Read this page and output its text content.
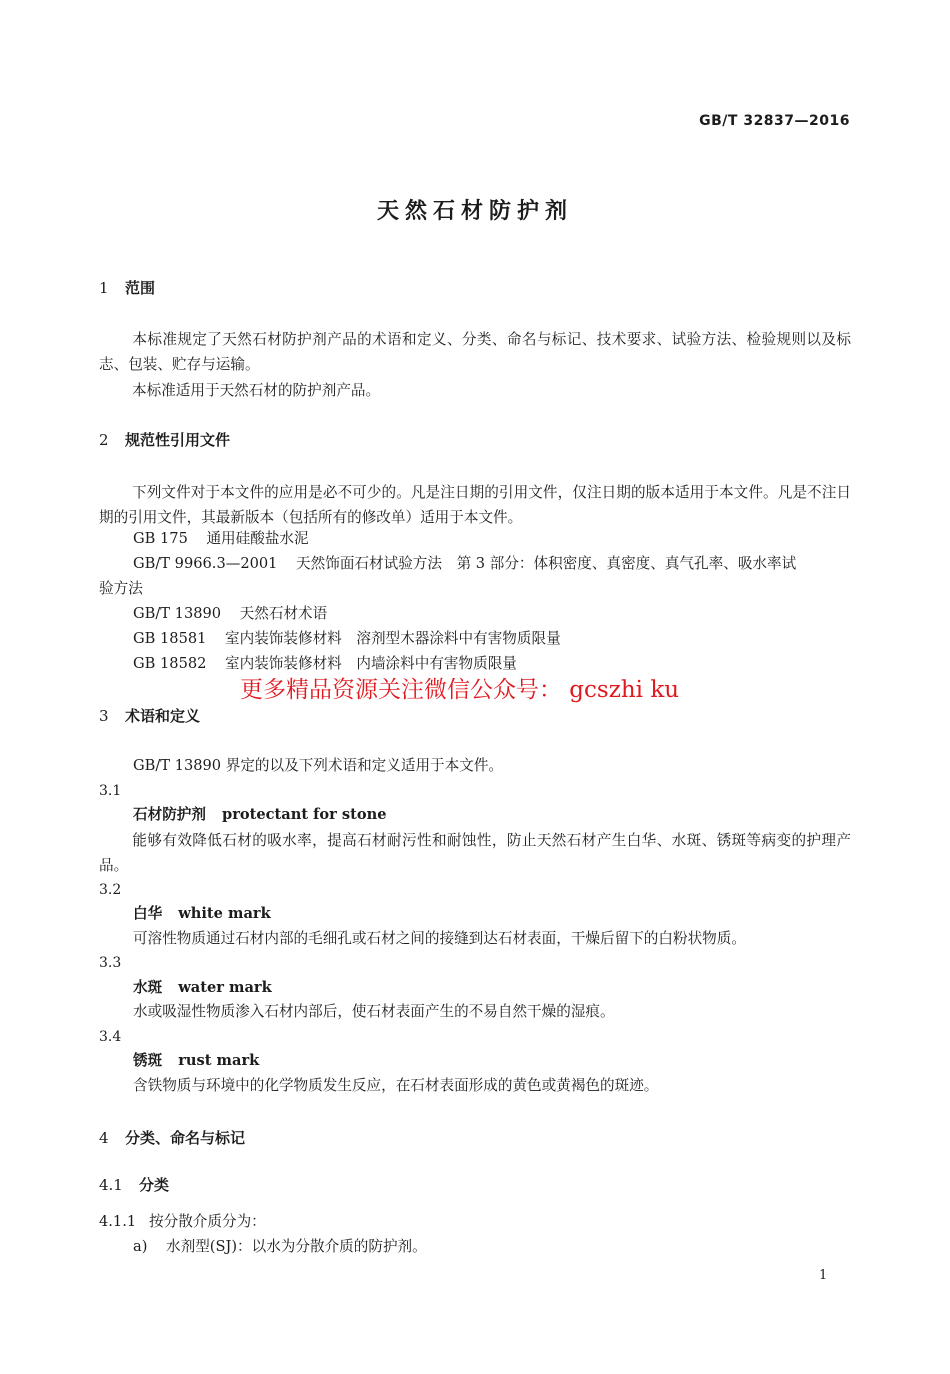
GB/T 32837—2016
天然石材防护剂
1 范围
本标准规定了天然石材防护剂产品的术语和定义、分类、命名与标记、技术要求、试验方法、检验规则以及标志、包装、贮存与运输。
本标准适用于天然石材的防护剂产品。
2 规范性引用文件
下列文件对于本文件的应用是必不可少的。凡是注日期的引用文件，仅注日期的版本适用于本文件。凡是不注日期的引用文件，其最新版本（包括所有的修改单）适用于本文件。
GB 175 通用硅酸盐水泥
GB/T 9966.3—2001 天然饰面石材试验方法　第 3 部分：体积密度、真密度、真气孔率、吸水率试
验方法
GB/T 13890 天然石材术语
GB 18581 室内装饰装修材料　溶剂型木器涂料中有害物质限量
GB 18582 室内装饰装修材料　内墙涂料中有害物质限量
更多精品资源关注微信公众号： gcszhi ku
3 术语和定义
GB/T 13890 界定的以及下列术语和定义适用于本文件。
3.1
石材防护剂 protectant for stone
能够有效降低石材的吸水率，提高石材耐污性和耐蚀性，防止天然石材产生白华、水斑、锈斑等病变的护理产品。
3.2
白华 white mark
可溶性物质通过石材内部的毛细孔或石材之间的接缝到达石材表面，干燥后留下的白粉状物质。
3.3
水斑 water mark
水或吸湿性物质渗入石材内部后，使石材表面产生的不易自然干燥的湿痕。
3.4
锈斑 rust mark
含铁物质与环境中的化学物质发生反应，在石材表面形成的黄色或黄褐色的斑迹。
4 分类、命名与标记
4.1 分类
4.1.1 按分散介质分为：
a) 水剂型(SJ)：以水为分散介质的防护剂。
1
